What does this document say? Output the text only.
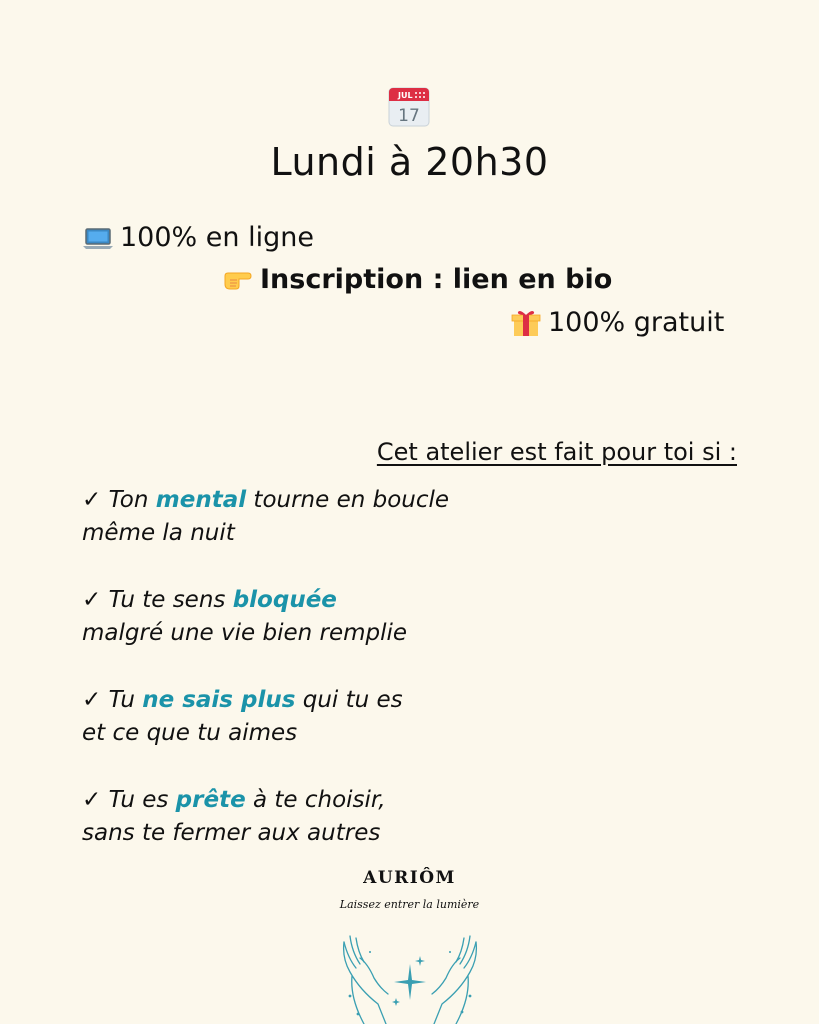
JUL
17
Lundi à 20h30
100% en ligne
Inscription : lien en bio
100% gratuit
Cet atelier est fait pour toi si :
✓ Ton mental tourne en boucle
même la nuit
✓ Tu te sens bloquée
malgré une vie bien remplie
✓ Tu ne sais plus qui tu es
et ce que tu aimes
✓ Tu es prête à te choisir,
sans te fermer aux autres
AURIÔM
Laissez entrer la lumière
